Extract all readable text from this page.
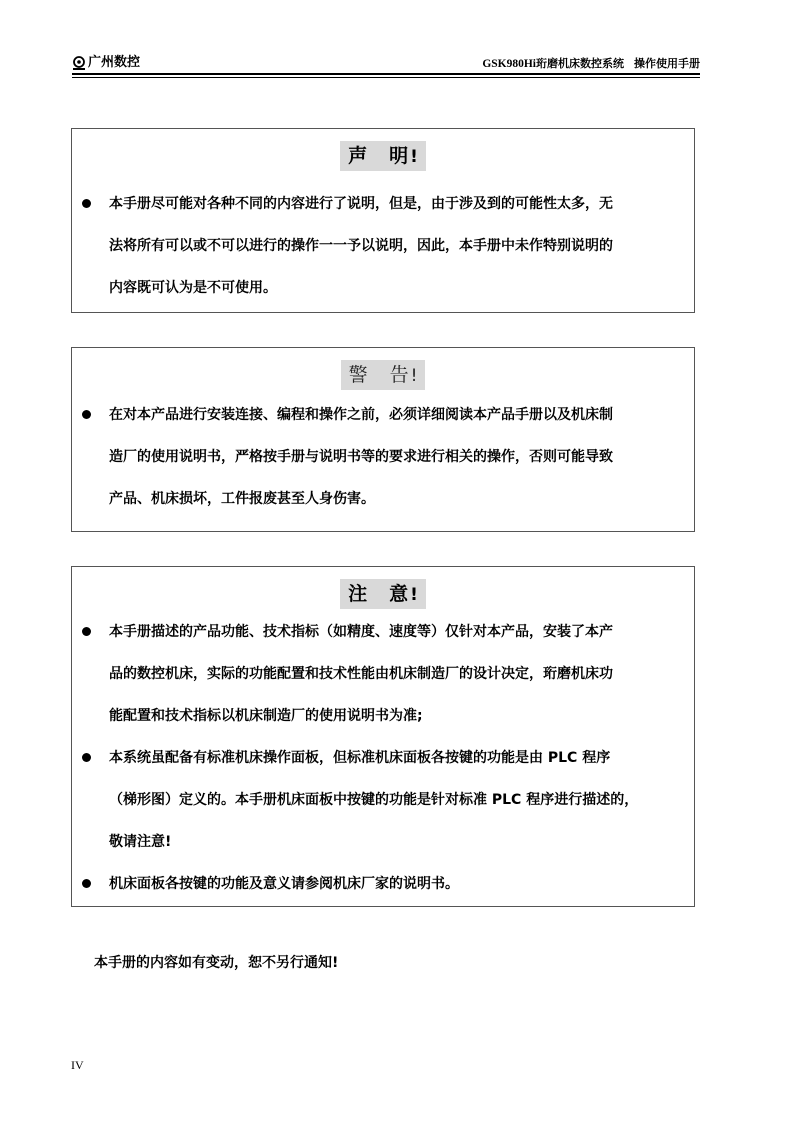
广州数控	GSK980Hi珩磨机床数控系统 操作使用手册
声 明 !
本手册尽可能对各种不同的内容进行了说明，但是，由于涉及到的可能性太多，无
法将所有可以或不可以进行的操作一一予以说明，因此，本手册中未作特别说明的
内容既可认为是不可使用。
警 告 !
在对本产品进行安装连接、编程和操作之前，必须详细阅读本产品手册以及机床制
造厂的使用说明书，严格按手册与说明书等的要求进行相关的操作，否则可能导致
产品、机床损坏，工件报废甚至人身伤害。
注 意 !
本手册描述的产品功能、技术指标（如精度、速度等）仅针对本产品，安装了本产
品的数控机床，实际的功能配置和技术性能由机床制造厂的设计决定，珩磨机床功
能配置和技术指标以机床制造厂的使用说明书为准;
本系统虽配备有标准机床操作面板，但标准机床面板各按键的功能是由 PLC 程序
（梯形图）定义的。本手册机床面板中按键的功能是针对标准 PLC 程序进行描述的，
敬请注意!
机床面板各按键的功能及意义请参阅机床厂家的说明书。
本手册的内容如有变动，恕不另行通知!
IV
